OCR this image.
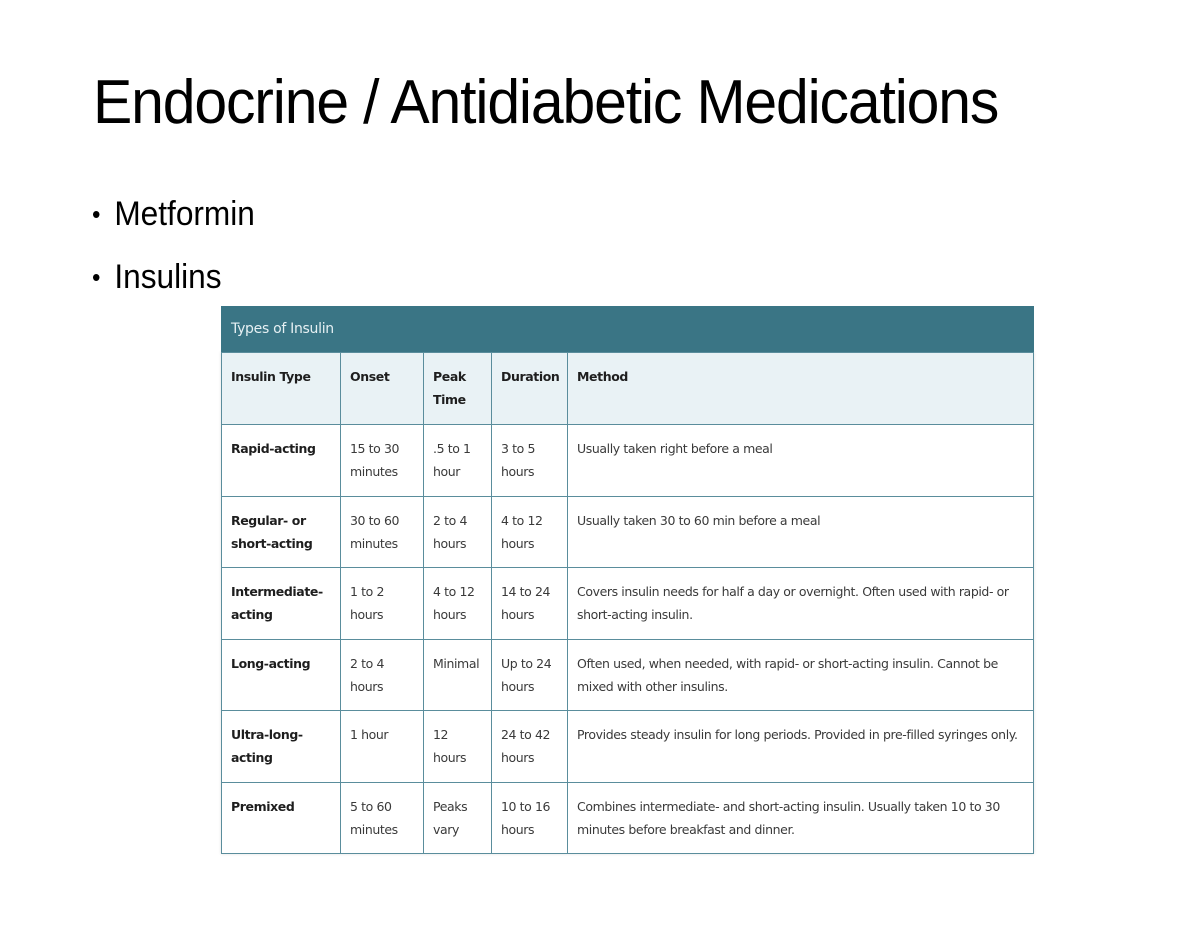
Endocrine / Antidiabetic Medications
• Metformin
• Insulins
Types of Insulin
Insulin Type	Onset	Peak Time	Duration	Method
Rapid-acting	15 to 30 minutes	.5 to 1 hour	3 to 5 hours	Usually taken right before a meal
Regular- or short-acting	30 to 60 minutes	2 to 4 hours	4 to 12 hours	Usually taken 30 to 60 min before a meal
Intermediate-acting	1 to 2 hours	4 to 12 hours	14 to 24 hours	Covers insulin needs for half a day or overnight. Often used with rapid- or short-acting insulin.
Long-acting	2 to 4 hours	Minimal	Up to 24 hours	Often used, when needed, with rapid- or short-acting insulin. Cannot be mixed with other insulins.
Ultra-long-acting	1 hour	12 hours	24 to 42 hours	Provides steady insulin for long periods. Provided in pre-filled syringes only.
Premixed	5 to 60 minutes	Peaks vary	10 to 16 hours	Combines intermediate- and short-acting insulin. Usually taken 10 to 30 minutes before breakfast and dinner.
